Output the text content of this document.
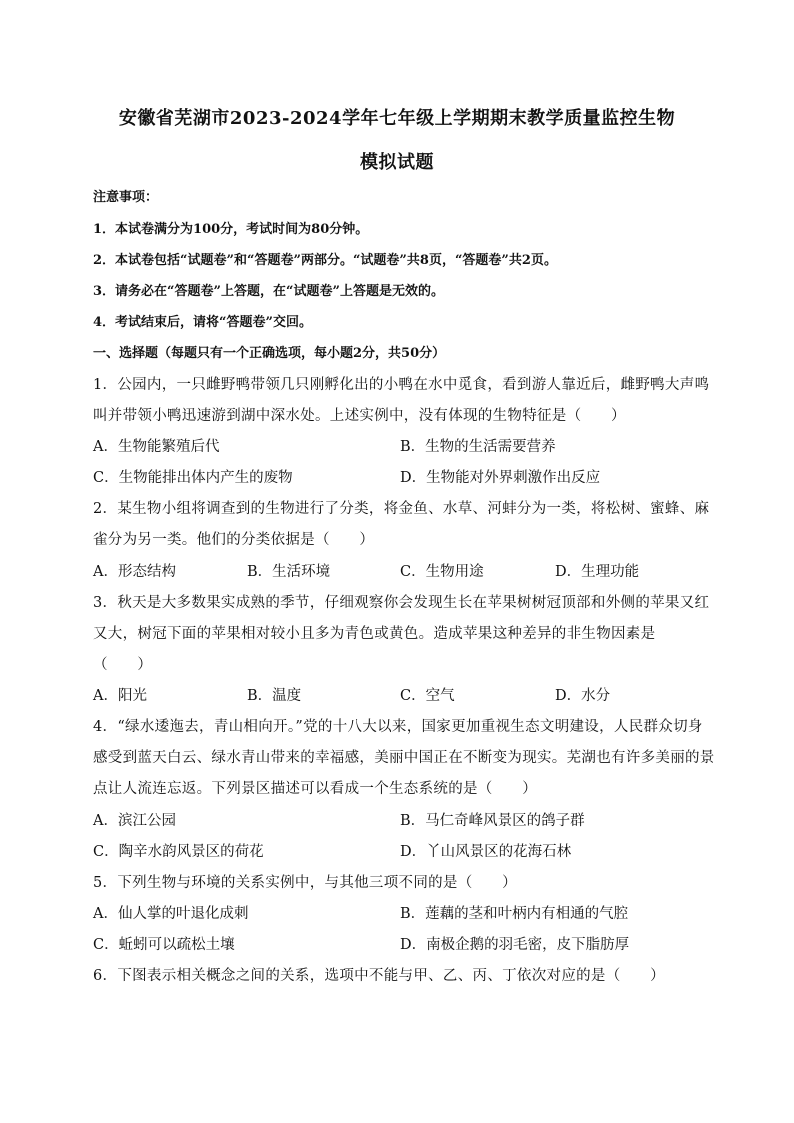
安徽省芜湖市2023-2024学年七年级上学期期末教学质量监控生物
模拟试题
注意事项：
1．本试卷满分为100分，考试时间为80分钟。
2．本试卷包括“试题卷”和“答题卷”两部分。“试题卷”共8页，“答题卷”共2页。
3．请务必在“答题卷”上答题，在“试题卷”上答题是无效的。
4．考试结束后，请将“答题卷”交回。
一、选择题（每题只有一个正确选项，每小题2分，共50分）
1．公园内，一只雌野鸭带领几只刚孵化出的小鸭在水中觅食，看到游人靠近后，雌野鸭大声鸣
叫并带领小鸭迅速游到湖中深水处。上述实例中，没有体现的生物特征是（　　）
A．生物能繁殖后代	B．生物的生活需要营养
C．生物能排出体内产生的废物	D．生物能对外界刺激作出反应
2．某生物小组将调查到的生物进行了分类，将金鱼、水草、河蚌分为一类，将松树、蜜蜂、麻
雀分为另一类。他们的分类依据是（　　）
A．形态结构	B．生活环境	C．生物用途	D．生理功能
3．秋天是大多数果实成熟的季节，仔细观察你会发现生长在苹果树树冠顶部和外侧的苹果又红
又大，树冠下面的苹果相对较小且多为青色或黄色。造成苹果这种差异的非生物因素是
（　　）
A．阳光	B．温度	C．空气	D．水分
4．“绿水逶迤去，青山相向开。”党的十八大以来，国家更加重视生态文明建设，人民群众切身
感受到蓝天白云、绿水青山带来的幸福感，美丽中国正在不断变为现实。芜湖也有许多美丽的景
点让人流连忘返。下列景区描述可以看成一个生态系统的是（　　）
A．滨江公园	B．马仁奇峰风景区的鸽子群
C．陶辛水韵风景区的荷花	D．丫山风景区的花海石林
5．下列生物与环境的关系实例中，与其他三项不同的是（　　）
A．仙人掌的叶退化成刺	B．莲藕的茎和叶柄内有相通的气腔
C．蚯蚓可以疏松土壤	D．南极企鹅的羽毛密，皮下脂肪厚
6．下图表示相关概念之间的关系，选项中不能与甲、乙、丙、丁依次对应的是（　　）
